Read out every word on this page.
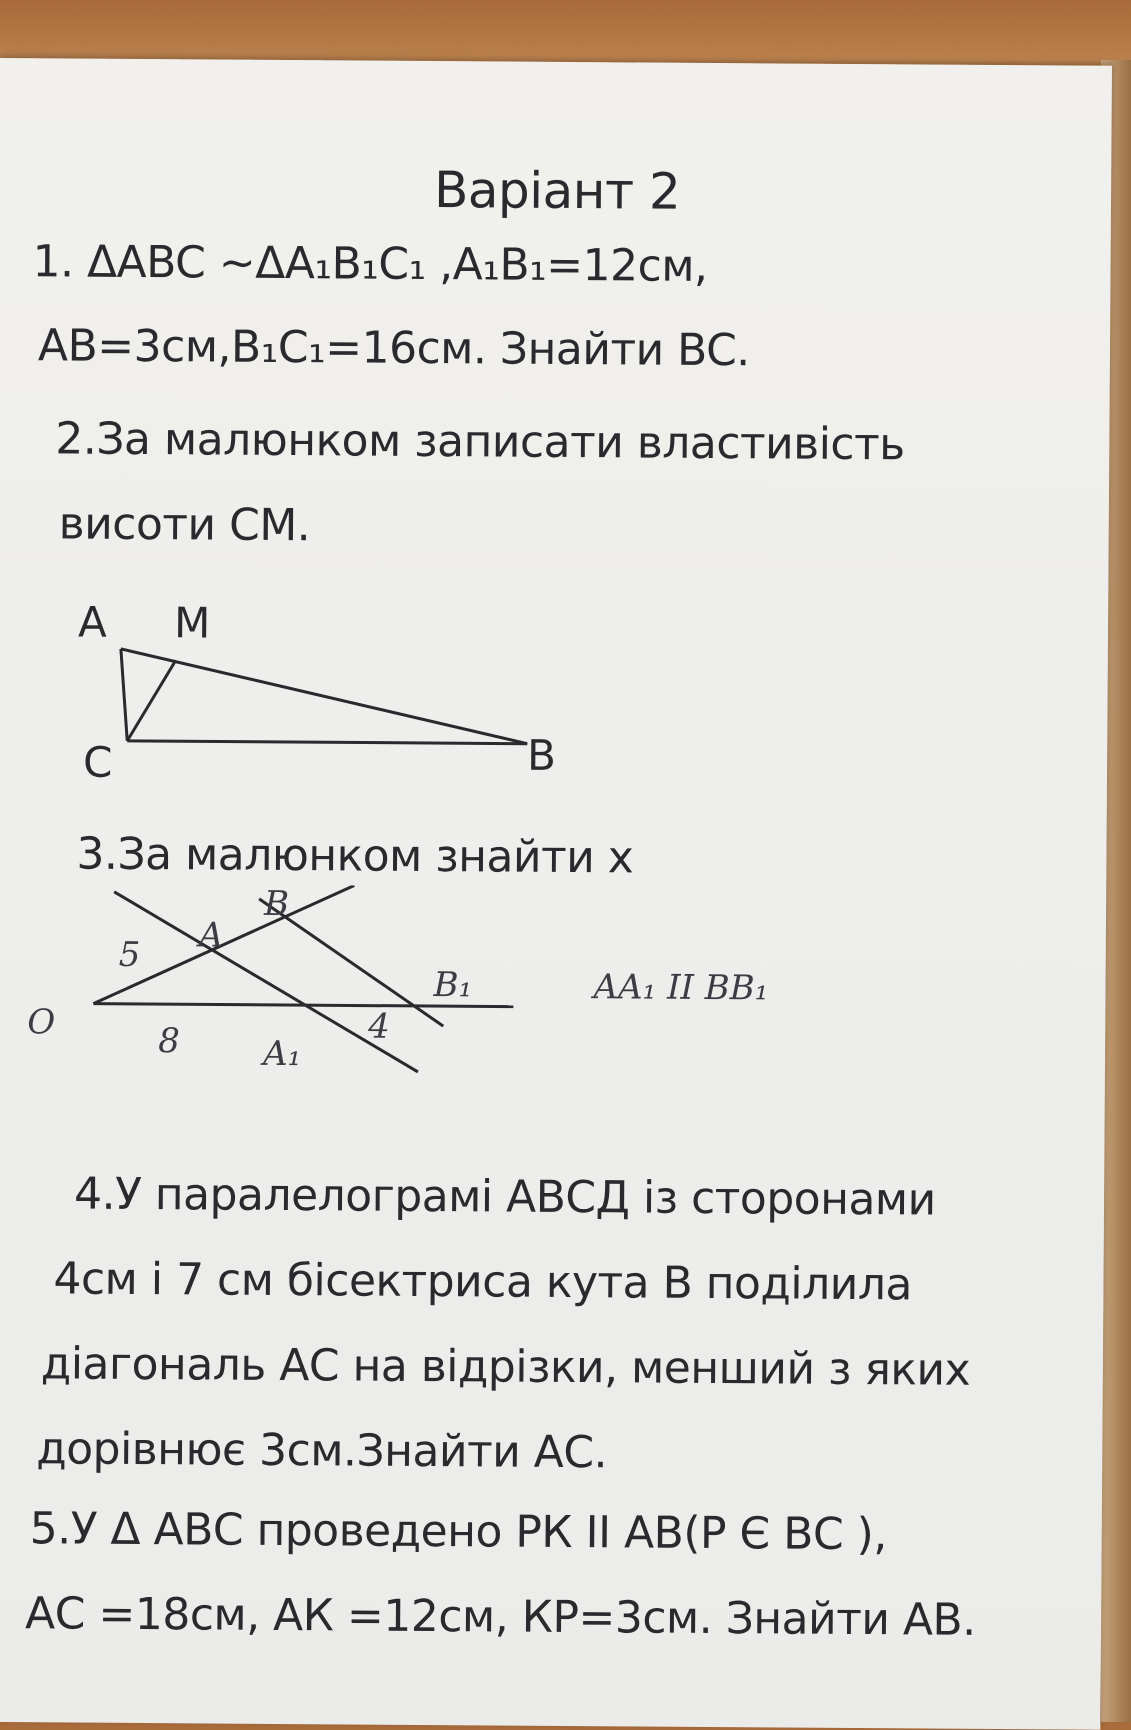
Варіант 2
1. ΔABC ~ΔA₁B₁C₁ ,A₁B₁=12см,
AB=3см,B₁C₁=16см. Знайти BC.
2.За малюнком записати властивість
висоти CM.
A M
C	B
3.За малюнком знайти x
O
5
8	4
A
B
A₁
B₁	AA₁ II BB₁
4.У паралелограмі АВСД із сторонами
4см і 7 см бісектриса кута В поділила
діагональ АС на відрізки, менший з яких
дорівнює 3см.Знайти АС.
5.У Δ АВС проведено РК II АВ(Р Є ВС ),
АС =18см, АК =12см, КР=3см. Знайти АВ.
